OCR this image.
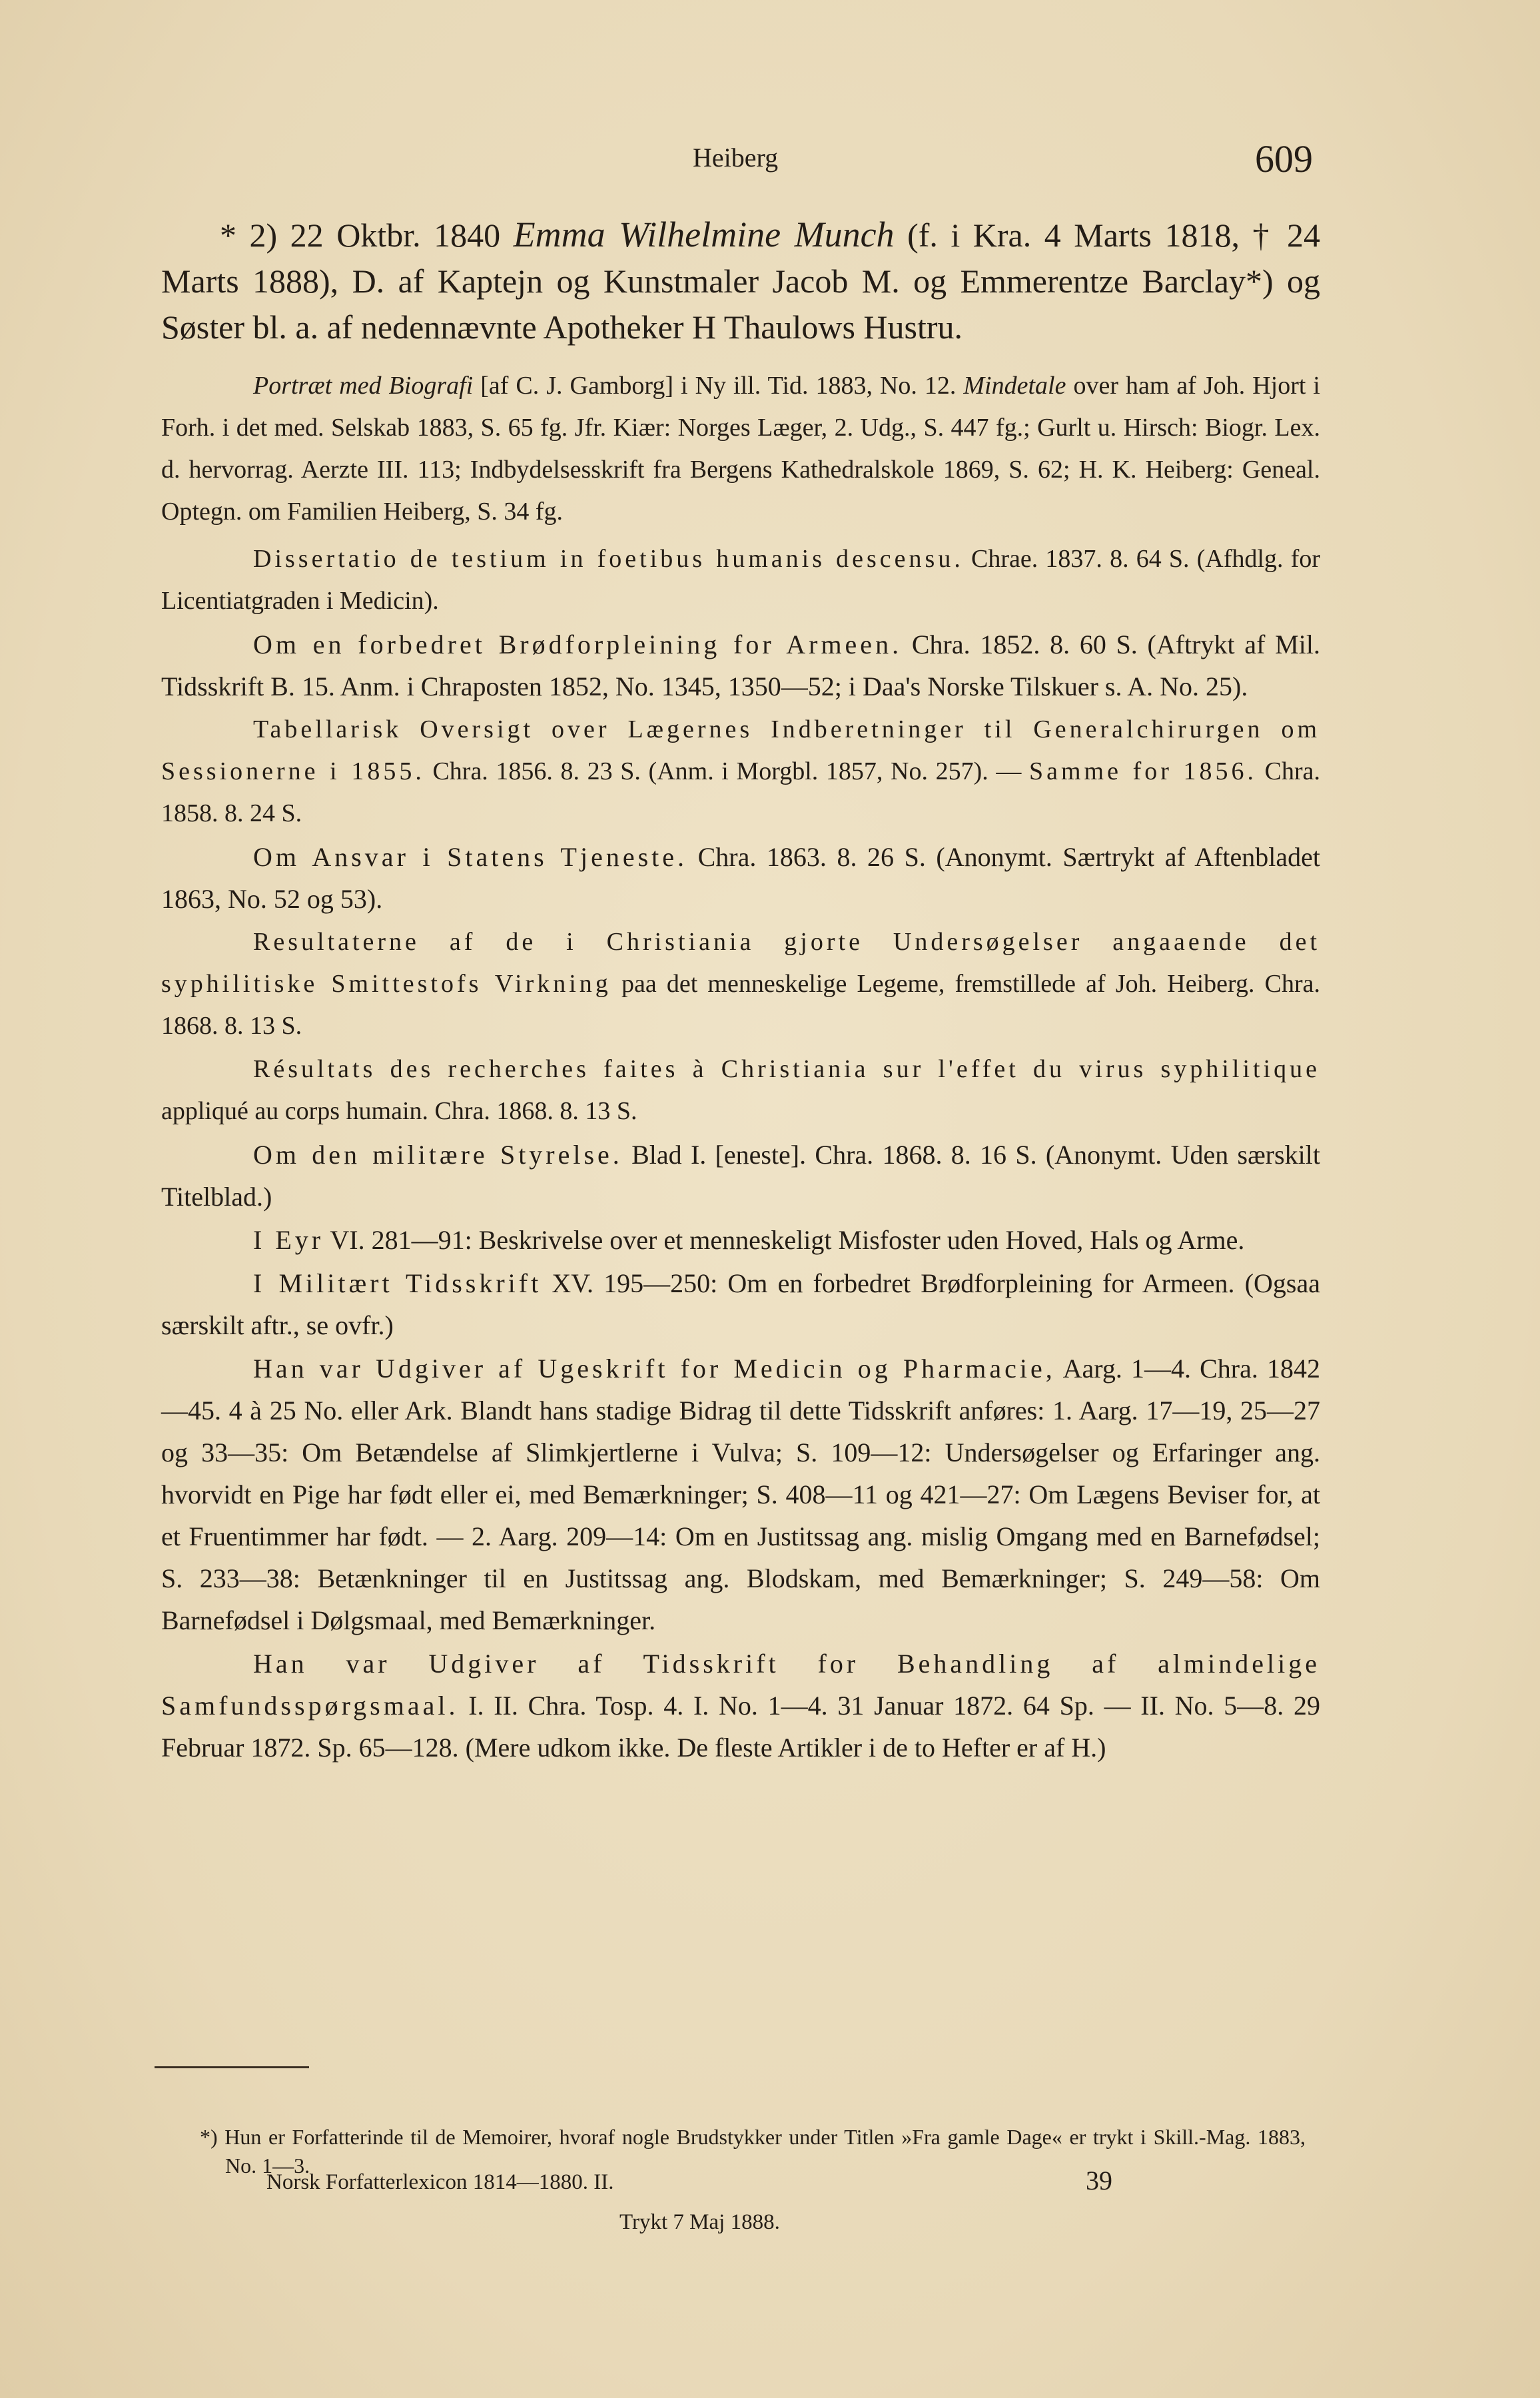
Heiberg	609

* 2) 22 Oktbr. 1840 Emma Wilhelmine Munch (f. i Kra. 4 Marts 1818, † 24 Marts 1888), D. af Kaptejn og Kunstmaler Jacob M. og Emmerentze Barclay*) og Søster bl. a. af nedennævnte Apotheker H Thaulows Hustru.

Portræt med Biografi [af C. J. Gamborg] i Ny ill. Tid. 1883, No. 12. Mindetale over ham af Joh. Hjort i Forh. i det med. Selskab 1883, S. 65 fg. Jfr. Kiær: Norges Læger, 2. Udg., S. 447 fg.; Gurlt u. Hirsch: Biogr. Lex. d. hervorrag. Aerzte III. 113; Indbydelsesskrift fra Bergens Kathedralskole 1869, S. 62; H. K. Heiberg: Geneal. Optegn. om Familien Heiberg, S. 34 fg.

Dissertatio de testium in foetibus humanis descensu. Chrae. 1837. 8. 64 S. (Afhdlg. for Licentiatgraden i Medicin).

Om en forbedret Brødforpleining for Armeen. Chra. 1852. 8. 60 S. (Aftrykt af Mil. Tidsskrift B. 15. Anm. i Chraposten 1852, No. 1345, 1350—52; i Daa's Norske Tilskuer s. A. No. 25).

Tabellarisk Oversigt over Lægernes Indberetninger til Generalchirurgen om Sessionerne i 1855. Chra. 1856. 8. 23 S. (Anm. i Morgbl. 1857, No. 257). — Samme for 1856. Chra. 1858. 8. 24 S.

Om Ansvar i Statens Tjeneste. Chra. 1863. 8. 26 S. (Anonymt. Særtrykt af Aftenbladet 1863, No. 52 og 53).

Resultaterne af de i Christiania gjorte Undersøgelser angaaende det syphilitiske Smittestofs Virkning paa det menneskelige Legeme, fremstillede af Joh. Heiberg. Chra. 1868. 8. 13 S.

Résultats des recherches faites à Christiania sur l'effet du virus syphilitique appliqué au corps humain. Chra. 1868. 8. 13 S.

Om den militære Styrelse. Blad I. [eneste]. Chra. 1868. 8. 16 S. (Anonymt. Uden særskilt Titelblad.)

I Eyr VI. 281—91: Beskrivelse over et menneskeligt Misfoster uden Hoved, Hals og Arme.

I Militært Tidsskrift XV. 195—250: Om en forbedret Brødforpleining for Armeen. (Ogsaa særskilt aftr., se ovfr.)

Han var Udgiver af Ugeskrift for Medicin og Pharmacie, Aarg. 1—4. Chra. 1842—45. 4 à 25 No. eller Ark. Blandt hans stadige Bidrag til dette Tidsskrift anføres: 1. Aarg. 17—19, 25—27 og 33—35: Om Betændelse af Slimkjertlerne i Vulva; S. 109—12: Undersøgelser og Erfaringer ang. hvorvidt en Pige har født eller ei, med Bemærkninger; S. 408—11 og 421—27: Om Lægens Beviser for, at et Fruentimmer har født. — 2. Aarg. 209—14: Om en Justitssag ang. mislig Omgang med en Barnefødsel; S. 233—38: Betænkninger til en Justitssag ang. Blodskam, med Bemærkninger; S. 249—58: Om Barnefødsel i Dølgsmaal, med Bemærkninger.

Han var Udgiver af Tidsskrift for Behandling af almindelige Samfundsspørgsmaal. I. II. Chra. Tosp. 4. I. No. 1—4. 31 Januar 1872. 64 Sp. — II. No. 5—8. 29 Februar 1872. Sp. 65—128. (Mere udkom ikke. De fleste Artikler i de to Hefter er af H.)

*) Hun er Forfatterinde til de Memoirer, hvoraf nogle Brudstykker under Titlen »Fra gamle Dage« er trykt i Skill.-Mag. 1883, No. 1—3.

Norsk Forfatterlexicon 1814—1880. II.	39
Trykt 7 Maj 1888.
